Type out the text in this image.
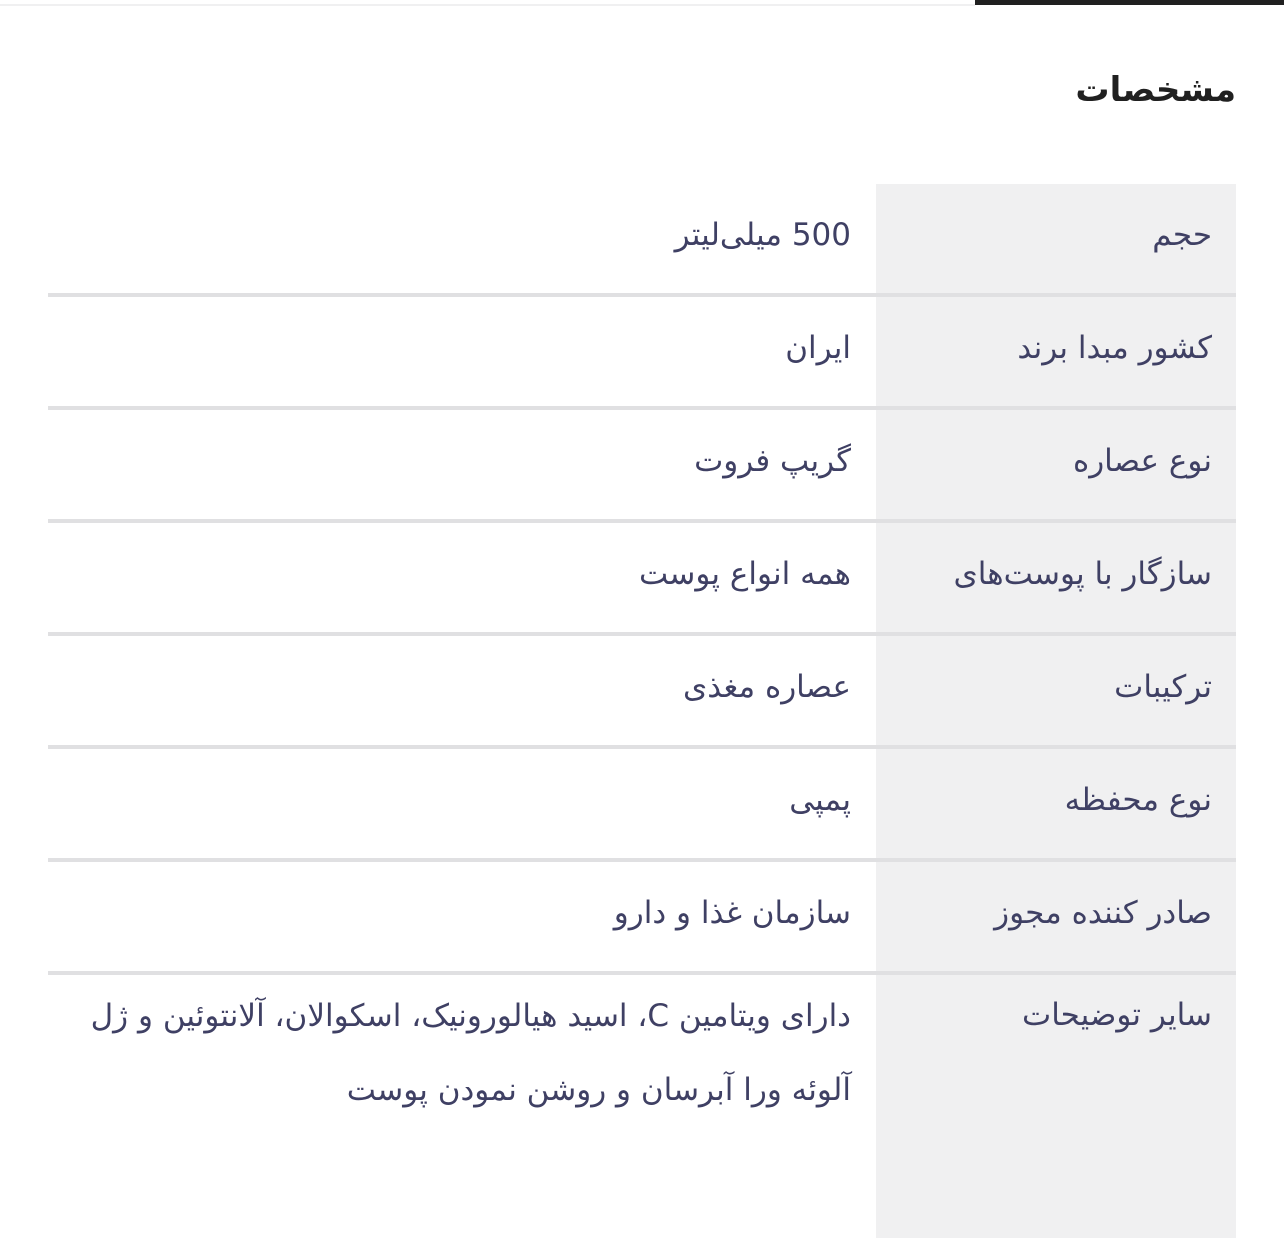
مشخصات
حجم
500 میلی‌لیتر
کشور مبدا برند
ایران
نوع عصاره
گریپ فروت
سازگار با پوست‌های
همه انواع پوست
ترکیبات
عصاره مغذی
نوع محفظه
پمپی
صادر کننده مجوز
سازمان غذا و دارو
سایر توضیحات
دارای ویتامین C، اسید هیالورونیک، اسکوالان، آلانتوئین و ژل آلوئه ورا آبرسان و روشن نمودن پوست
